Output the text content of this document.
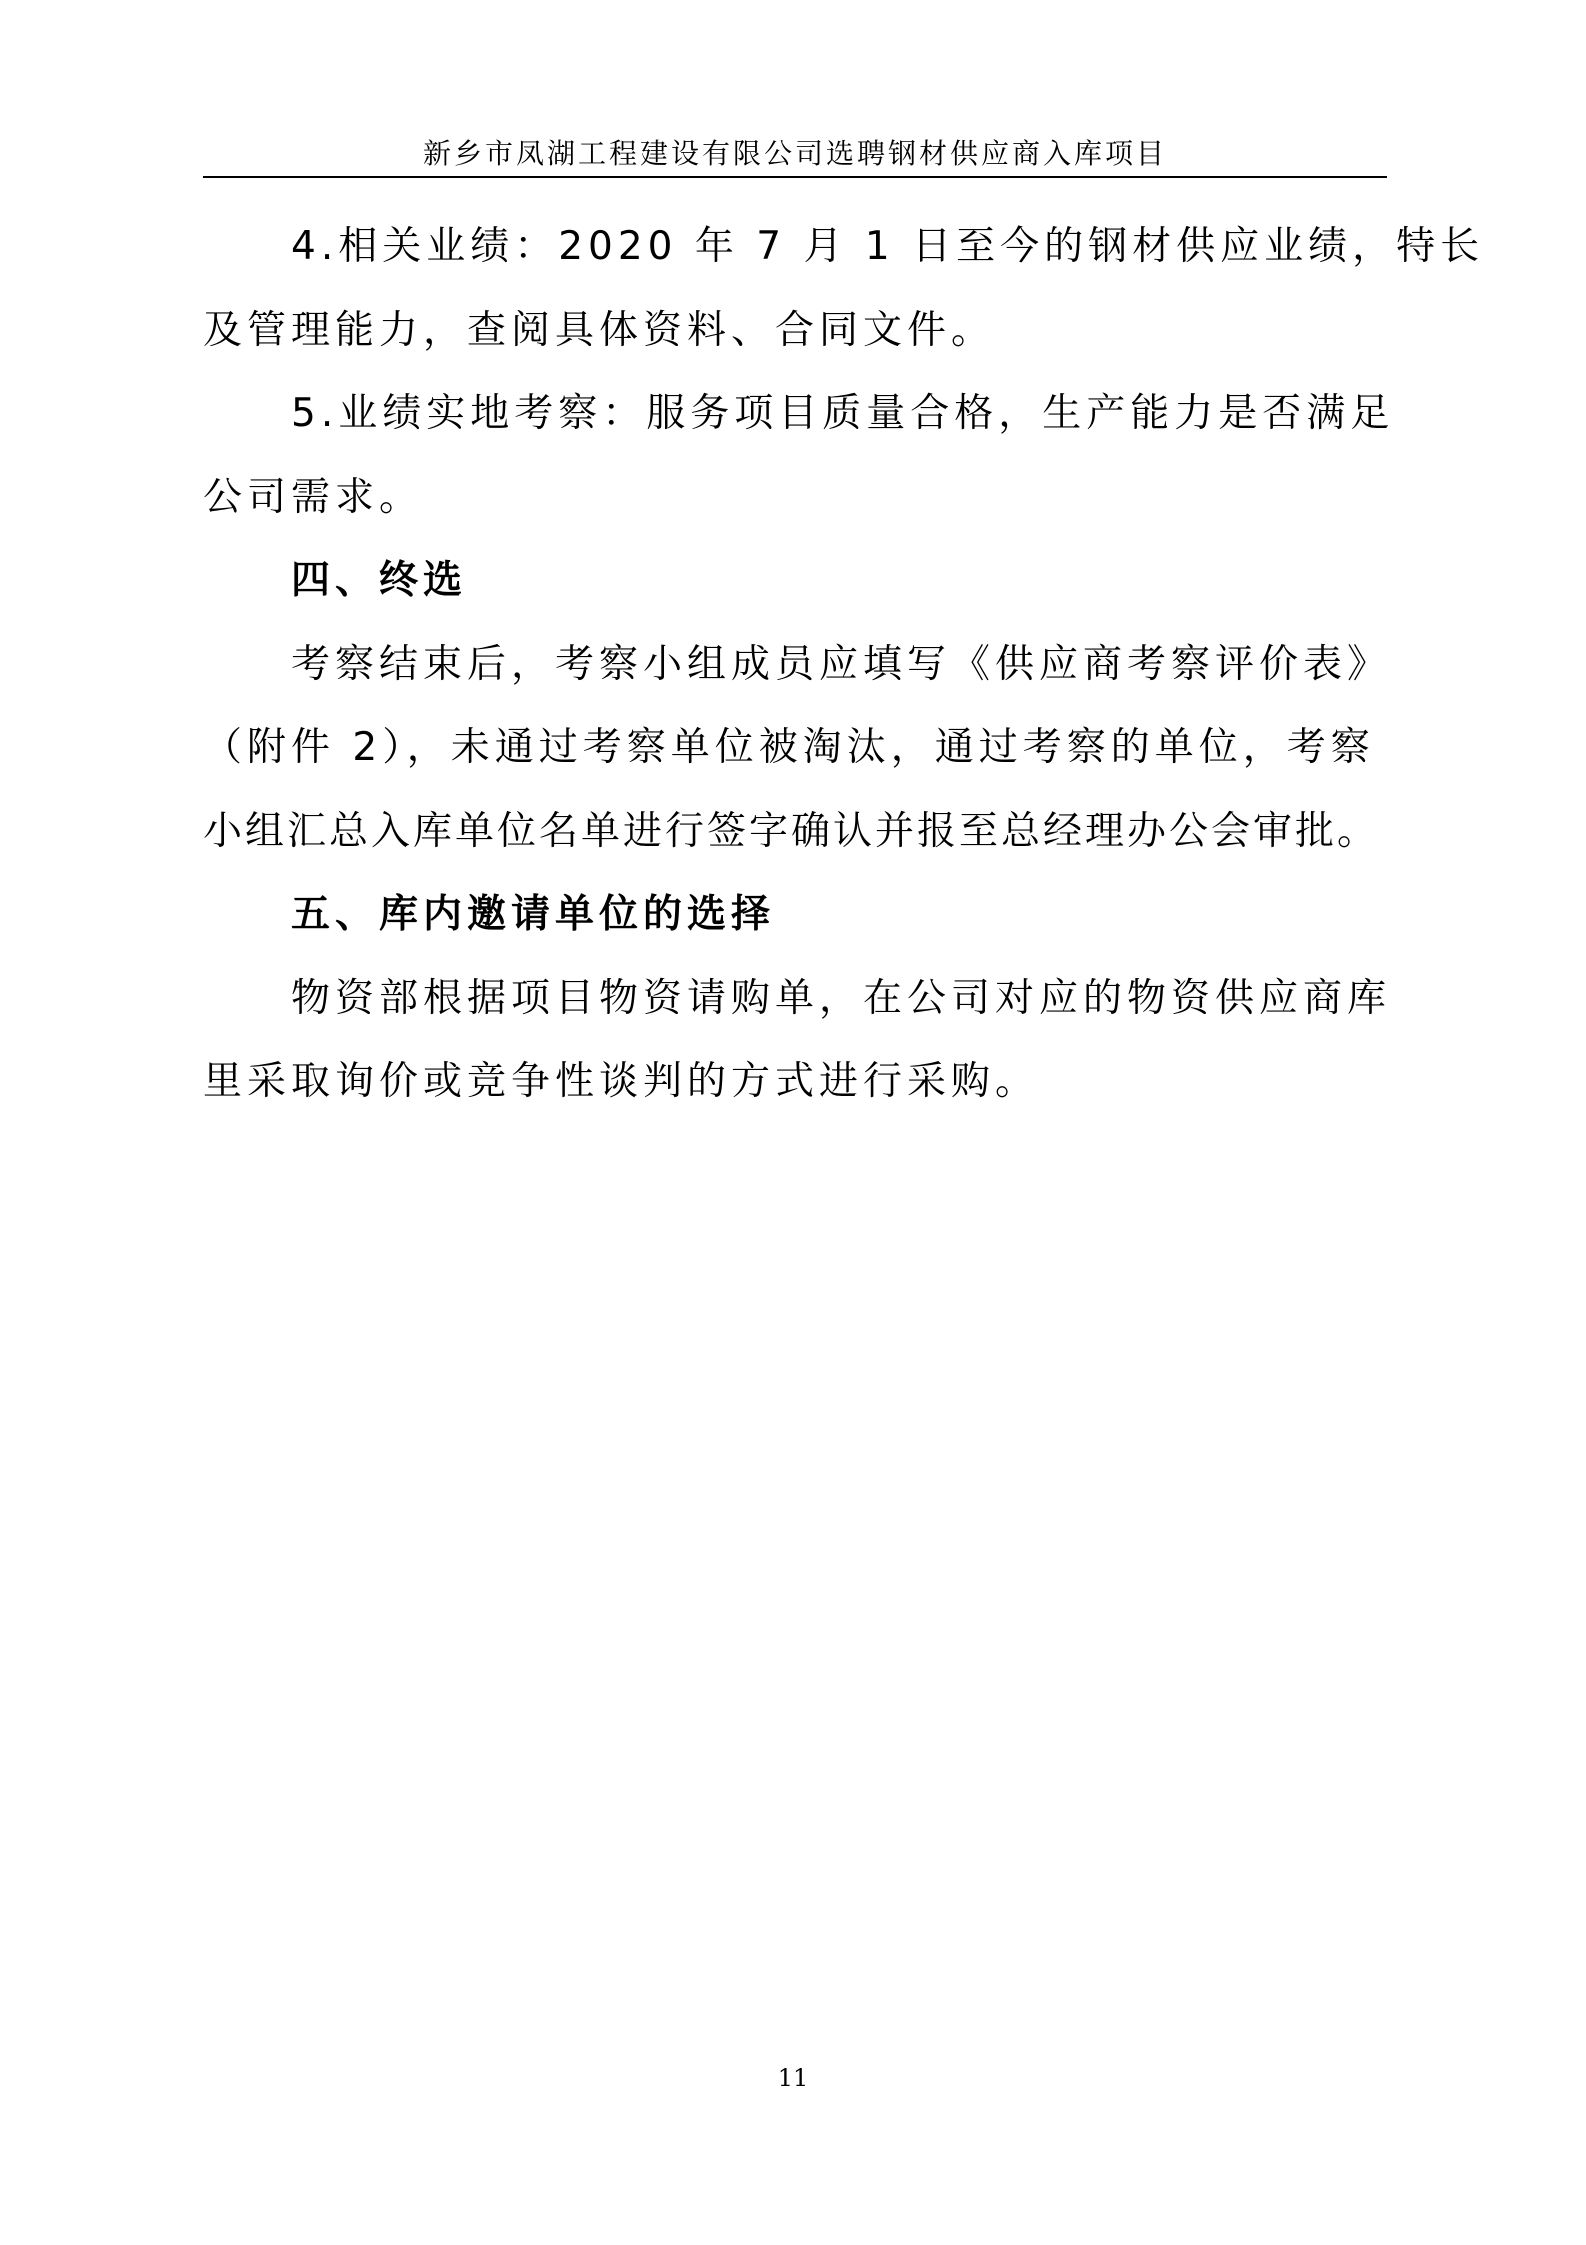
新乡市凤湖工程建设有限公司选聘钢材供应商入库项目
4.相关业绩：2020 年 7 月 1 日至今的钢材供应业绩，特长
及管理能力，查阅具体资料、合同文件。
5.业绩实地考察：服务项目质量合格，生产能力是否满足
公司需求。
四、终选
考察结束后，考察小组成员应填写《供应商考察评价表》
（附件 2），未通过考察单位被淘汰，通过考察的单位，考察
小组汇总入库单位名单进行签字确认并报至总经理办公会审批。
五、库内邀请单位的选择
物资部根据项目物资请购单，在公司对应的物资供应商库
里采取询价或竞争性谈判的方式进行采购。
11
